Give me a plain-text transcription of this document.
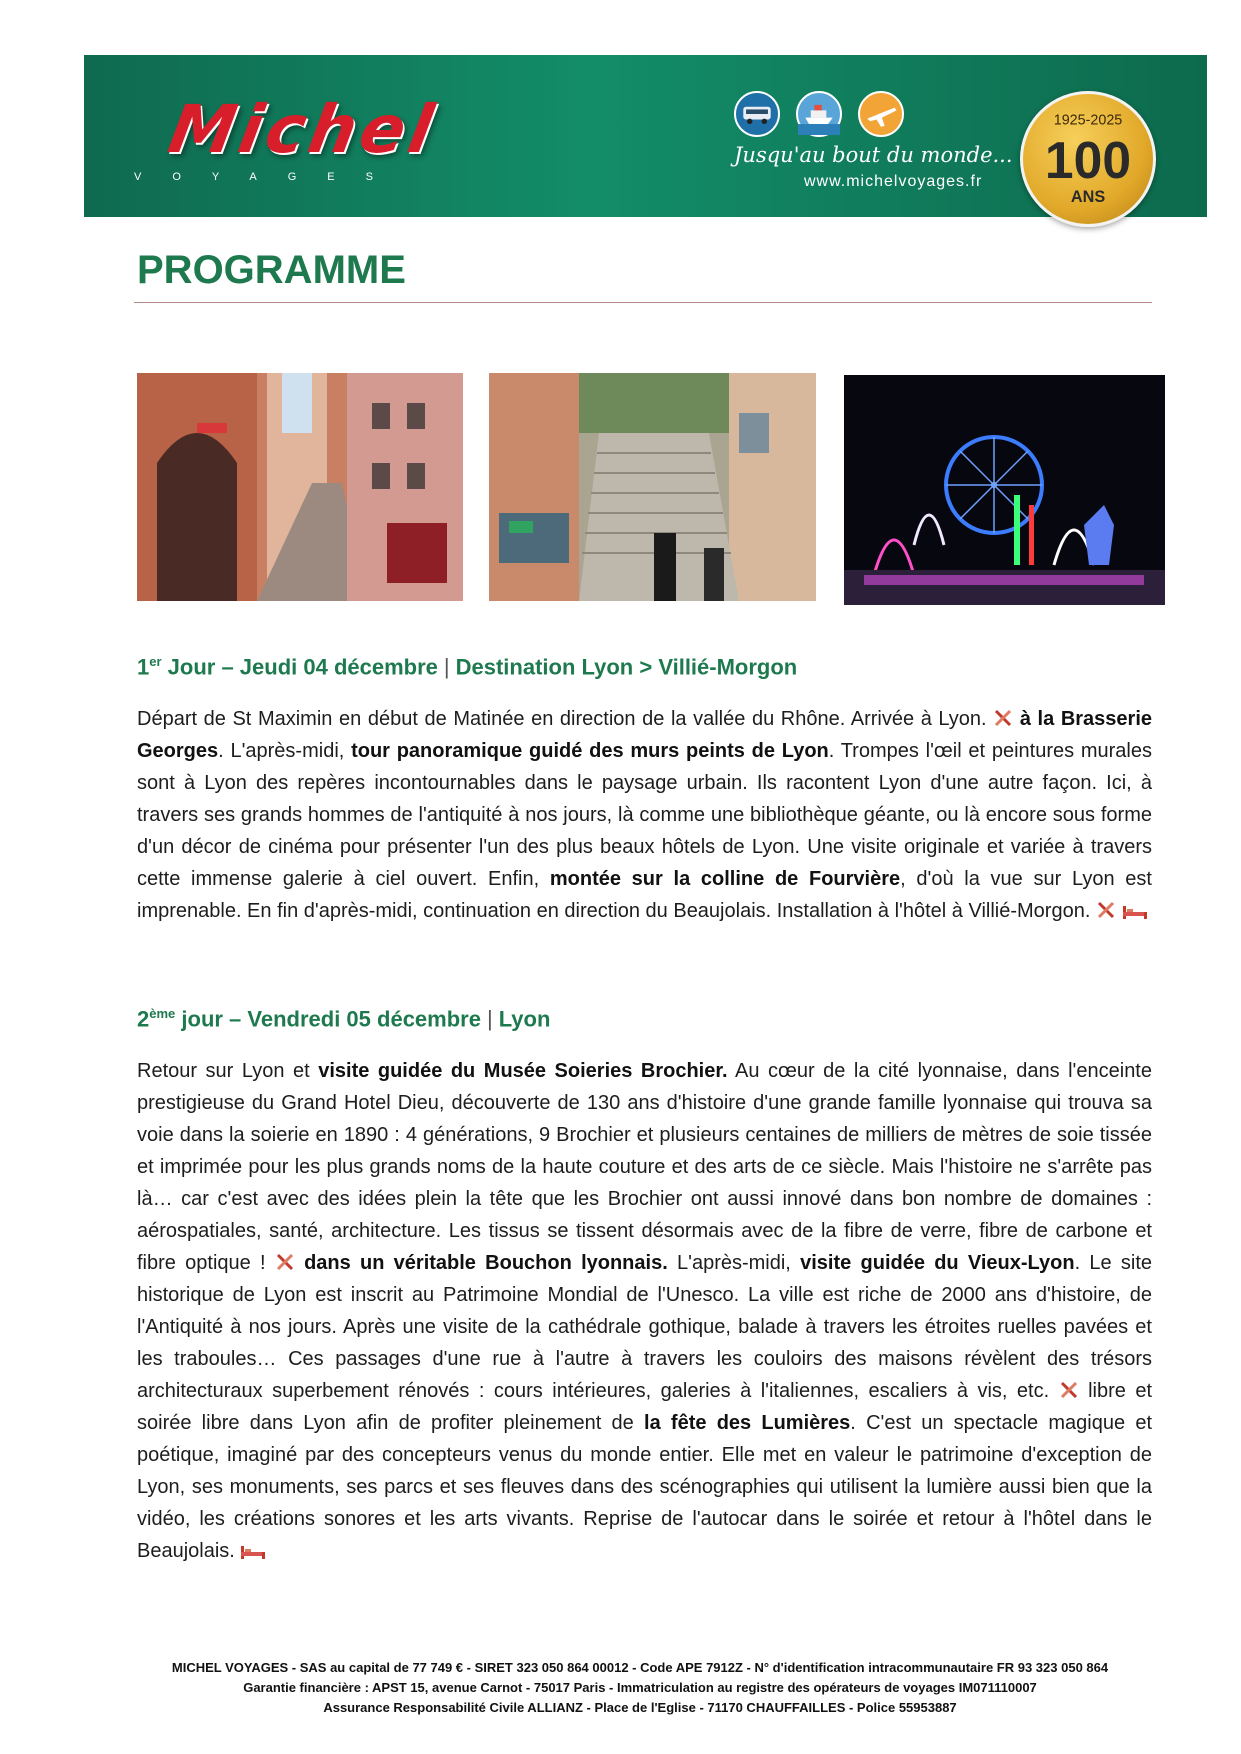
Michel
VOYAGES
Jusqu'au bout du monde...
www.michelvoyages.fr
1925-2025
100
ANS
PROGRAMME
1er Jour – Jeudi 04 décembre | Destination Lyon > Villié-Morgon
Départ de St Maximin en début de Matinée en direction de la vallée du Rhône. Arrivée à Lyon.  à la Brasserie Georges. L'après-midi, tour panoramique guidé des murs peints de Lyon. Trompes l'œil et peintures murales sont à Lyon des repères incontournables dans le paysage urbain. Ils racontent Lyon d'une autre façon. Ici, à travers ses grands hommes de l'antiquité à nos jours, là comme une bibliothèque géante, ou là encore sous forme d'un décor de cinéma pour présenter l'un des plus beaux hôtels de Lyon. Une visite originale et variée à travers cette immense galerie à ciel ouvert. Enfin, montée sur la colline de Fourvière, d'où la vue sur Lyon est imprenable. En fin d'après-midi, continuation en direction du Beaujolais. Installation à l'hôtel à Villié-Morgon.
2ème jour – Vendredi 05 décembre | Lyon
Retour sur Lyon et visite guidée du Musée Soieries Brochier. Au cœur de la cité lyonnaise, dans l'enceinte prestigieuse du Grand Hotel Dieu, découverte de 130 ans d'histoire d'une grande famille lyonnaise qui trouva sa voie dans la soierie en 1890 : 4 générations, 9 Brochier et plusieurs centaines de milliers de mètres de soie tissée et imprimée pour les plus grands noms de la haute couture et des arts de ce siècle. Mais l'histoire ne s'arrête pas là… car c'est avec des idées plein la tête que les Brochier ont aussi innové dans bon nombre de domaines : aérospatiales, santé, architecture. Les tissus se tissent désormais avec de la fibre de verre, fibre de carbone et fibre optique !  dans un véritable Bouchon lyonnais. L'après-midi, visite guidée du Vieux-Lyon. Le site historique de Lyon est inscrit au Patrimoine Mondial de l'Unesco. La ville est riche de 2000 ans d'histoire, de l'Antiquité à nos jours. Après une visite de la cathédrale gothique, balade à travers les étroites ruelles pavées et les traboules… Ces passages d'une rue à l'autre à travers les couloirs des maisons révèlent des trésors architecturaux superbement rénovés : cours intérieures, galeries à l'italiennes, escaliers à vis, etc.  libre et soirée libre dans Lyon afin de profiter pleinement de la fête des Lumières. C'est un spectacle magique et poétique, imaginé par des concepteurs venus du monde entier. Elle met en valeur le patrimoine d'exception de Lyon, ses monuments, ses parcs et ses fleuves dans des scénographies qui utilisent la lumière aussi bien que la vidéo, les créations sonores et les arts vivants. Reprise de l'autocar dans le soirée et retour à l'hôtel dans le Beaujolais.
MICHEL VOYAGES - SAS au capital de 77 749 € - SIRET 323 050 864 00012 - Code APE 7912Z - N° d'identification intracommunautaire FR 93 323 050 864
Garantie financière : APST 15, avenue Carnot - 75017 Paris - Immatriculation au registre des opérateurs de voyages IM071110007
Assurance Responsabilité Civile ALLIANZ - Place de l'Eglise - 71170 CHAUFFAILLES - Police 55953887
